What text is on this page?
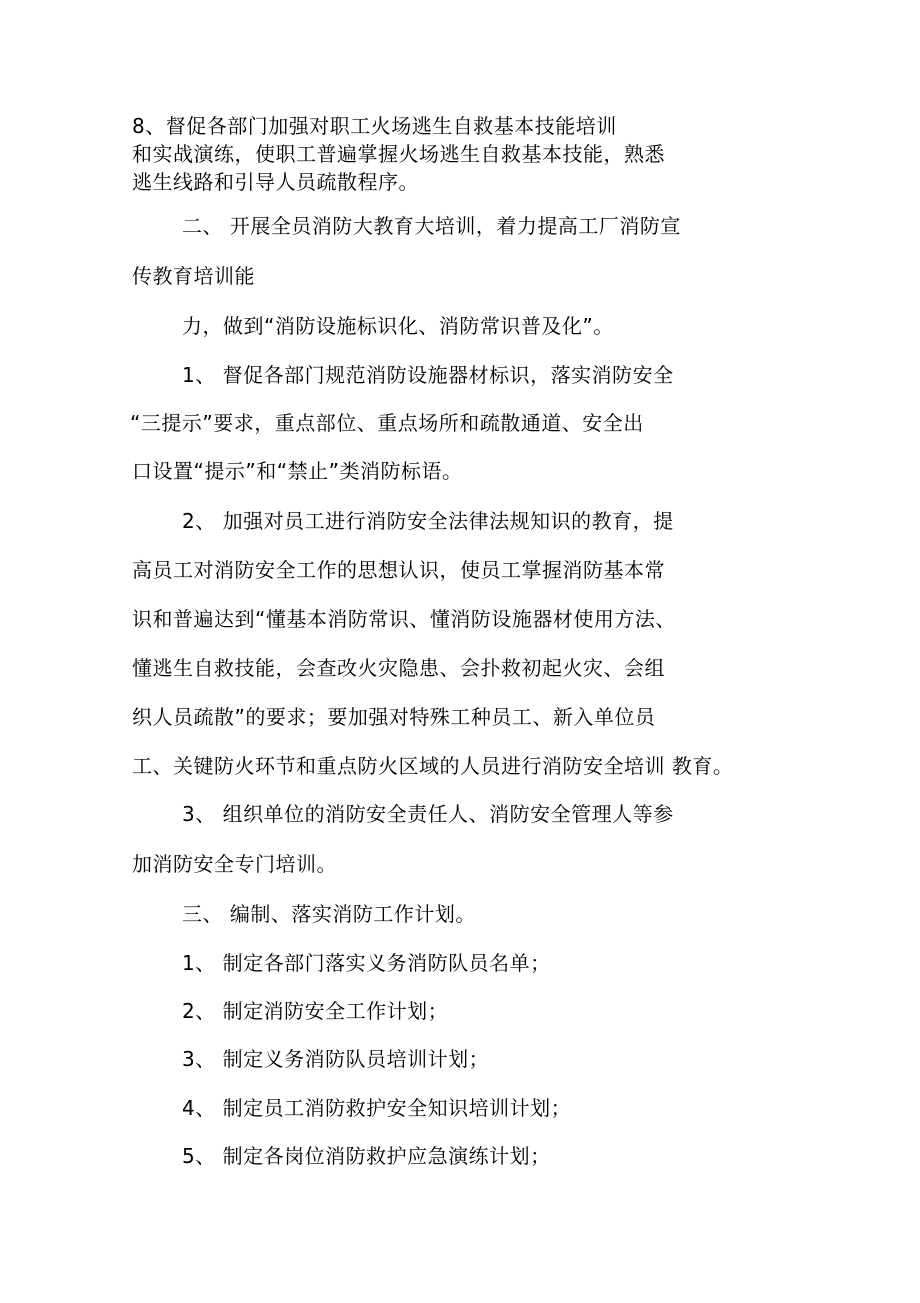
8、督促各部门加强对职工火场逃生自救基本技能培训
和实战演练，使职工普遍掌握火场逃生自救基本技能，熟悉
逃生线路和引导人员疏散程序。
二、 开展全员消防大教育大培训，着力提高工厂消防宣
传教育培训能
力，做到“消防设施标识化、消防常识普及化”。
1、 督促各部门规范消防设施器材标识，落实消防安全
“三提示”要求，重点部位、重点场所和疏散通道、安全出
口设置“提示”和“禁止”类消防标语。
2、 加强对员工进行消防安全法律法规知识的教育，提
高员工对消防安全工作的思想认识，使员工掌握消防基本常
识和普遍达到“懂基本消防常识、懂消防设施器材使用方法、
懂逃生自救技能，会查改火灾隐患、会扑救初起火灾、会组
织人员疏散”的要求；要加强对特殊工种员工、新入单位员
工、关键防火环节和重点防火区域的人员进行消防安全培训 教育。
3、 组织单位的消防安全责任人、消防安全管理人等参
加消防安全专门培训。
三、 编制、落实消防工作计划。
1、 制定各部门落实义务消防队员名单；
2、 制定消防安全工作计划；
3、 制定义务消防队员培训计划；
4、 制定员工消防救护安全知识培训计划；
5、 制定各岗位消防救护应急演练计划；
